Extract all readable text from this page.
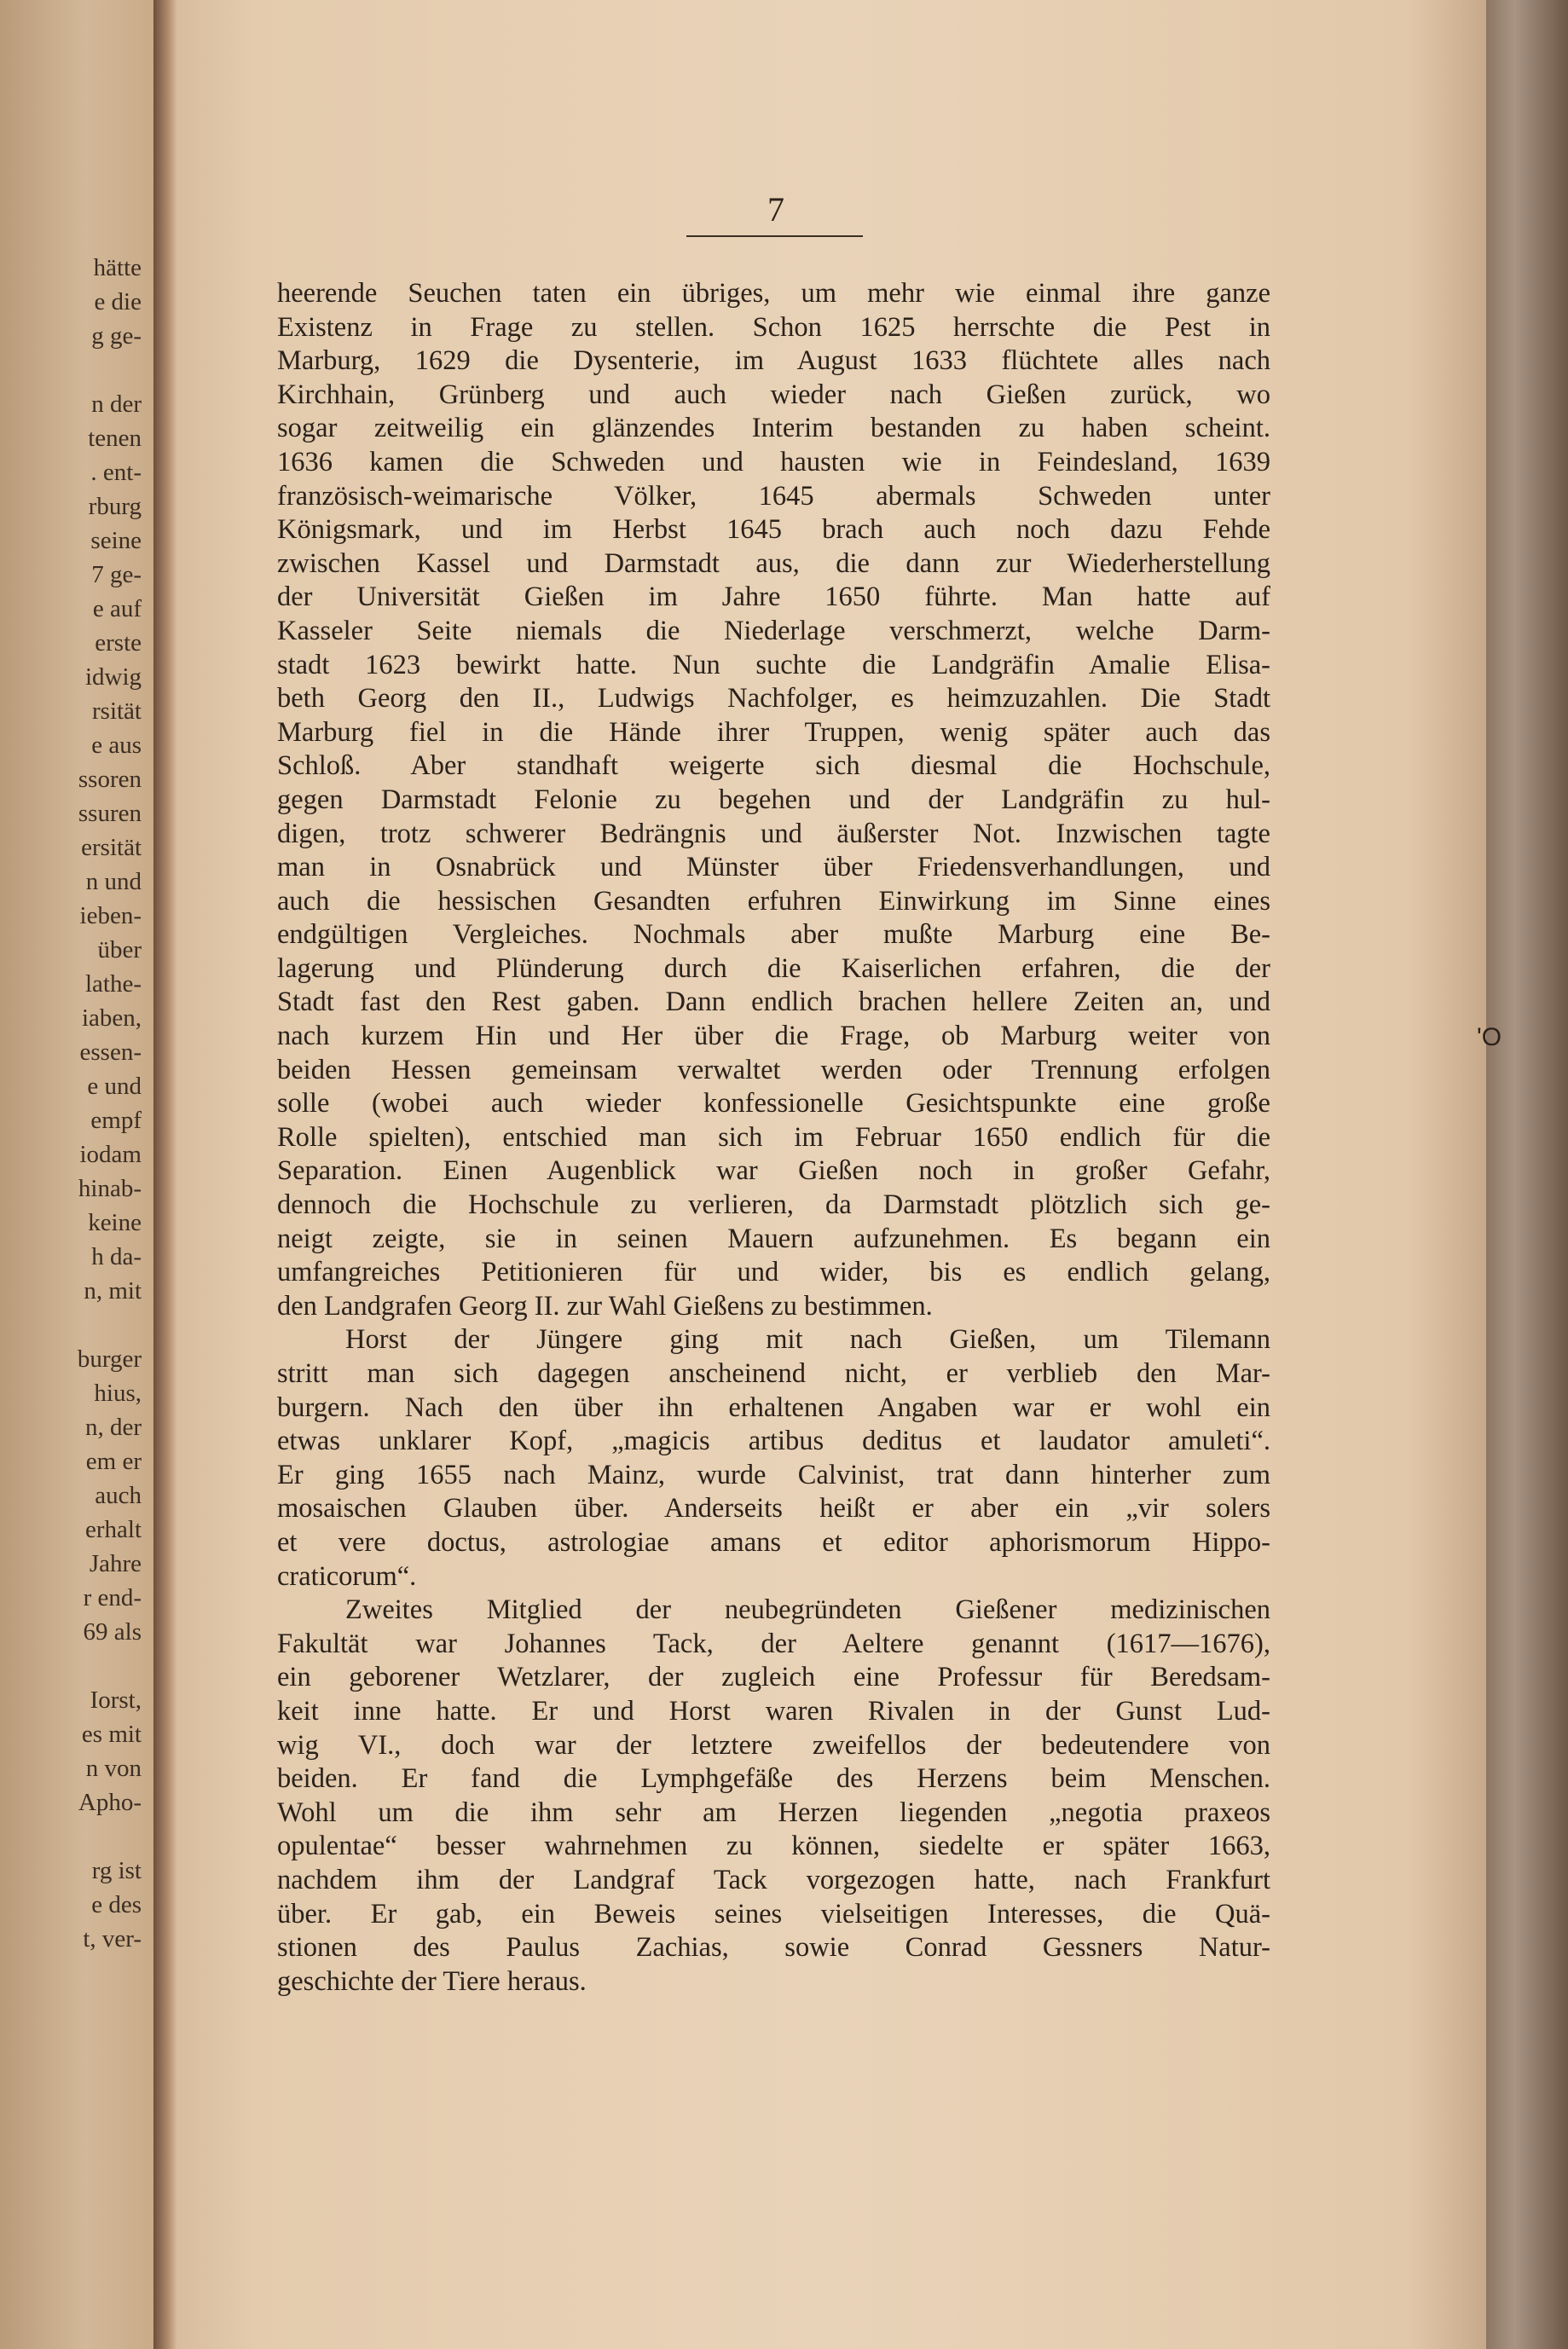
hätte
e die
g ge-
n der
tenen
. ent-
rburg
seine
7 ge-
e auf
erste
idwig
rsität
e aus
ssoren
ssuren
ersität
n und
ieben-
über
lathe-
iaben,
essen-
e und
empf
iodam
hinab-
keine
h da-
n, mit
burger
hius,
n, der
em er
auch
erhalt
Jahre
r end-
69 als
Iorst,
es mit
n von
Apho-
rg ist
e des
t, ver-
7
heerende Seuchen taten ein übriges, um mehr wie einmal ihre ganze
Existenz in Frage zu stellen. Schon 1625 herrschte die Pest in
Marburg, 1629 die Dysenterie, im August 1633 flüchtete alles nach
Kirchhain, Grünberg und auch wieder nach Gießen zurück, wo
sogar zeitweilig ein glänzendes Interim bestanden zu haben scheint.
1636 kamen die Schweden und hausten wie in Feindesland, 1639
französisch-weimarische Völker, 1645 abermals Schweden unter
Königsmark, und im Herbst 1645 brach auch noch dazu Fehde
zwischen Kassel und Darmstadt aus, die dann zur Wiederherstellung
der Universität Gießen im Jahre 1650 führte. Man hatte auf
Kasseler Seite niemals die Niederlage verschmerzt, welche Darm-
stadt 1623 bewirkt hatte. Nun suchte die Landgräfin Amalie Elisa-
beth Georg den II., Ludwigs Nachfolger, es heimzuzahlen. Die Stadt
Marburg fiel in die Hände ihrer Truppen, wenig später auch das
Schloß. Aber standhaft weigerte sich diesmal die Hochschule,
gegen Darmstadt Felonie zu begehen und der Landgräfin zu hul-
digen, trotz schwerer Bedrängnis und äußerster Not. Inzwischen tagte
man in Osnabrück und Münster über Friedensverhandlungen, und
auch die hessischen Gesandten erfuhren Einwirkung im Sinne eines
endgültigen Vergleiches. Nochmals aber mußte Marburg eine Be-
lagerung und Plünderung durch die Kaiserlichen erfahren, die der
Stadt fast den Rest gaben. Dann endlich brachen hellere Zeiten an, und
nach kurzem Hin und Her über die Frage, ob Marburg weiter von
beiden Hessen gemeinsam verwaltet werden oder Trennung erfolgen
solle (wobei auch wieder konfessionelle Gesichtspunkte eine große
Rolle spielten), entschied man sich im Februar 1650 endlich für die
Separation. Einen Augenblick war Gießen noch in großer Gefahr,
dennoch die Hochschule zu verlieren, da Darmstadt plötzlich sich ge-
neigt zeigte, sie in seinen Mauern aufzunehmen. Es begann ein
umfangreiches Petitionieren für und wider, bis es endlich gelang,
den Landgrafen Georg II. zur Wahl Gießens zu bestimmen.
Horst der Jüngere ging mit nach Gießen, um Tilemann
stritt man sich dagegen anscheinend nicht, er verblieb den Mar-
burgern. Nach den über ihn erhaltenen Angaben war er wohl ein
etwas unklarer Kopf, „magicis artibus deditus et laudator amuleti“.
Er ging 1655 nach Mainz, wurde Calvinist, trat dann hinterher zum
mosaischen Glauben über. Anderseits heißt er aber ein „vir solers
et vere doctus, astrologiae amans et editor aphorismorum Hippo-
craticorum“.
Zweites Mitglied der neubegründeten Gießener medizinischen
Fakultät war Johannes Tack, der Aeltere genannt (1617—1676),
ein geborener Wetzlarer, der zugleich eine Professur für Beredsam-
keit inne hatte. Er und Horst waren Rivalen in der Gunst Lud-
wig VI., doch war der letztere zweifellos der bedeutendere von
beiden. Er fand die Lymphgefäße des Herzens beim Menschen.
Wohl um die ihm sehr am Herzen liegenden „negotia praxeos
opulentae“ besser wahrnehmen zu können, siedelte er später 1663,
nachdem ihm der Landgraf Tack vorgezogen hatte, nach Frankfurt
über. Er gab, ein Beweis seines vielseitigen Interesses, die Quä-
stionen des Paulus Zachias, sowie Conrad Gessners Natur-
geschichte der Tiere heraus.
'O
